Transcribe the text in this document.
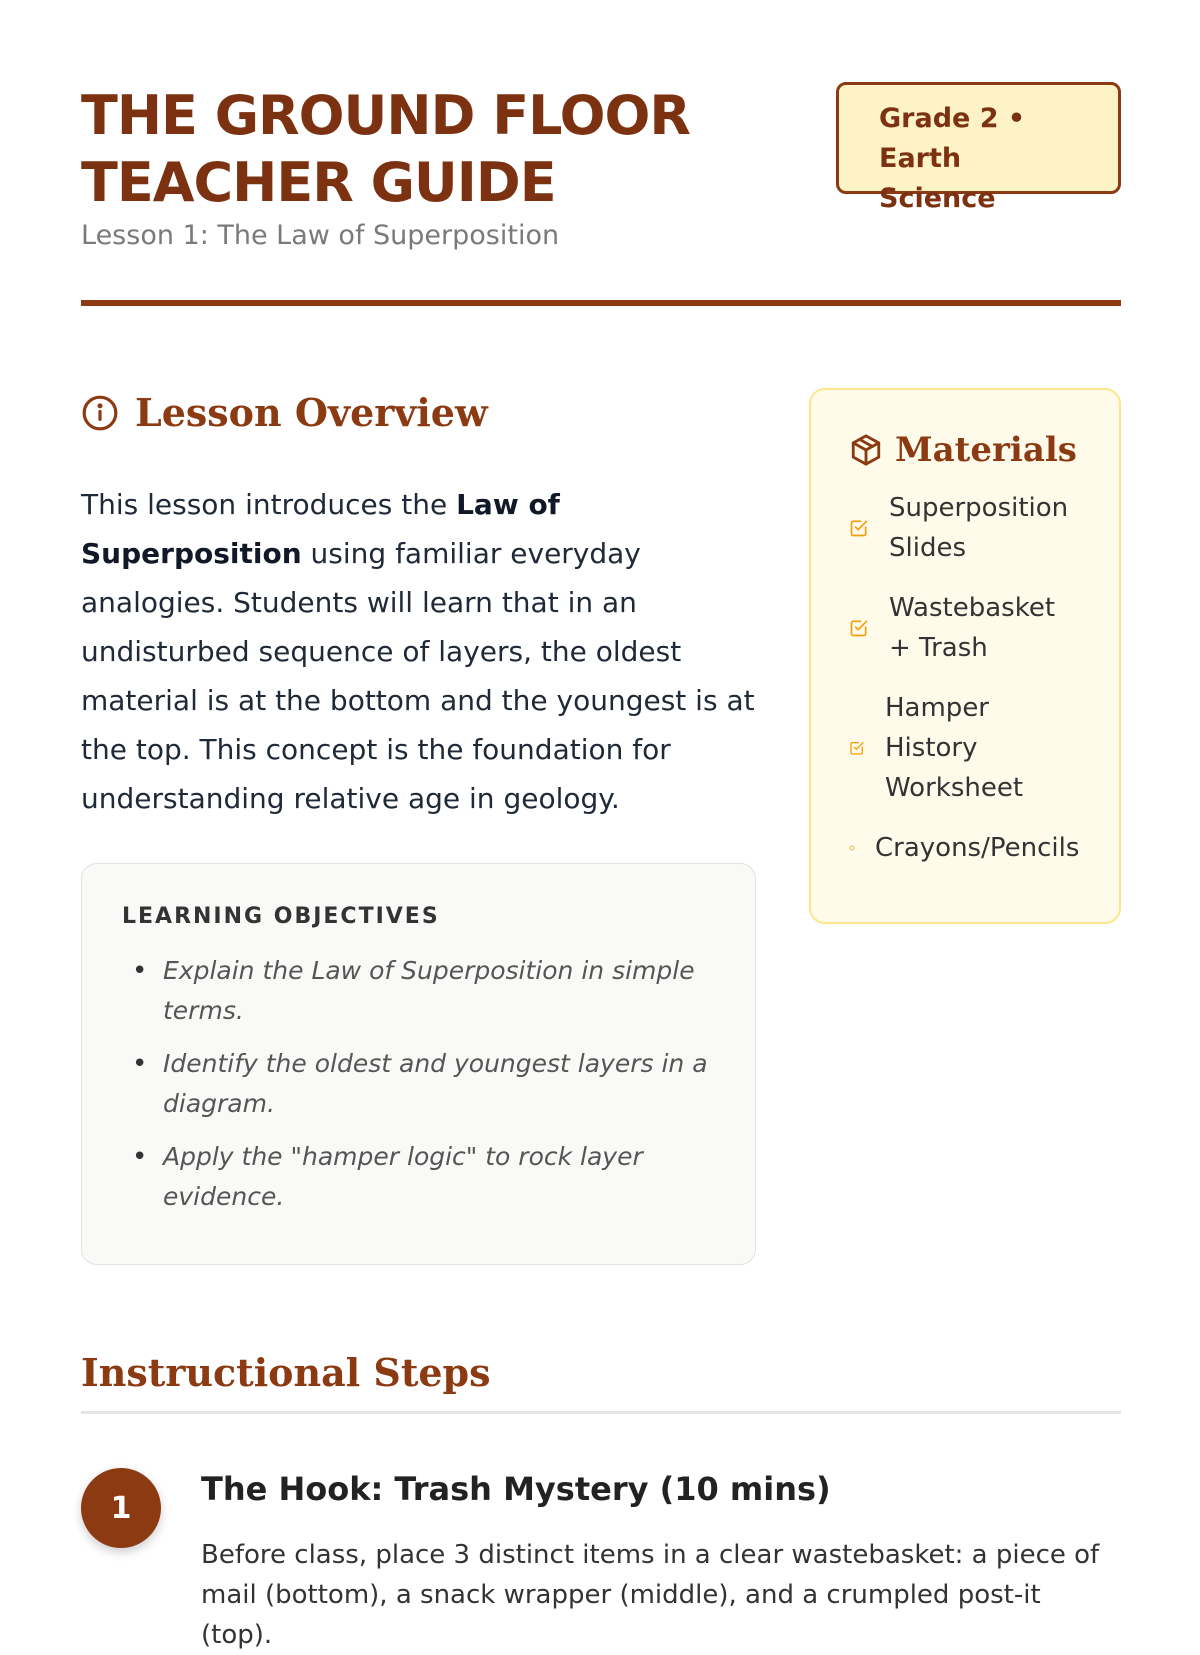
THE GROUND FLOOR TEACHER GUIDE
Lesson 1: The Law of Superposition
Grade 2 • Earth Science
Lesson Overview

This lesson introduces the Law of Superposition using familiar everyday analogies. Students will learn that in an undisturbed sequence of layers, the oldest material is at the bottom and the youngest is at the top. This concept is the foundation for understanding relative age in geology.

LEARNING OBJECTIVES
• Explain the Law of Superposition in simple terms.
• Identify the oldest and youngest layers in a diagram.
• Apply the "hamper logic" to rock layer evidence.
Materials
Superposition Slides
Wastebasket + Trash
Hamper History Worksheet
Crayons/Pencils
Instructional Steps
1	The Hook: Trash Mystery (10 mins)

Before class, place 3 distinct items in a clear wastebasket: a piece of mail (bottom), a snack wrapper (middle), and a crumpled post-it (top).
